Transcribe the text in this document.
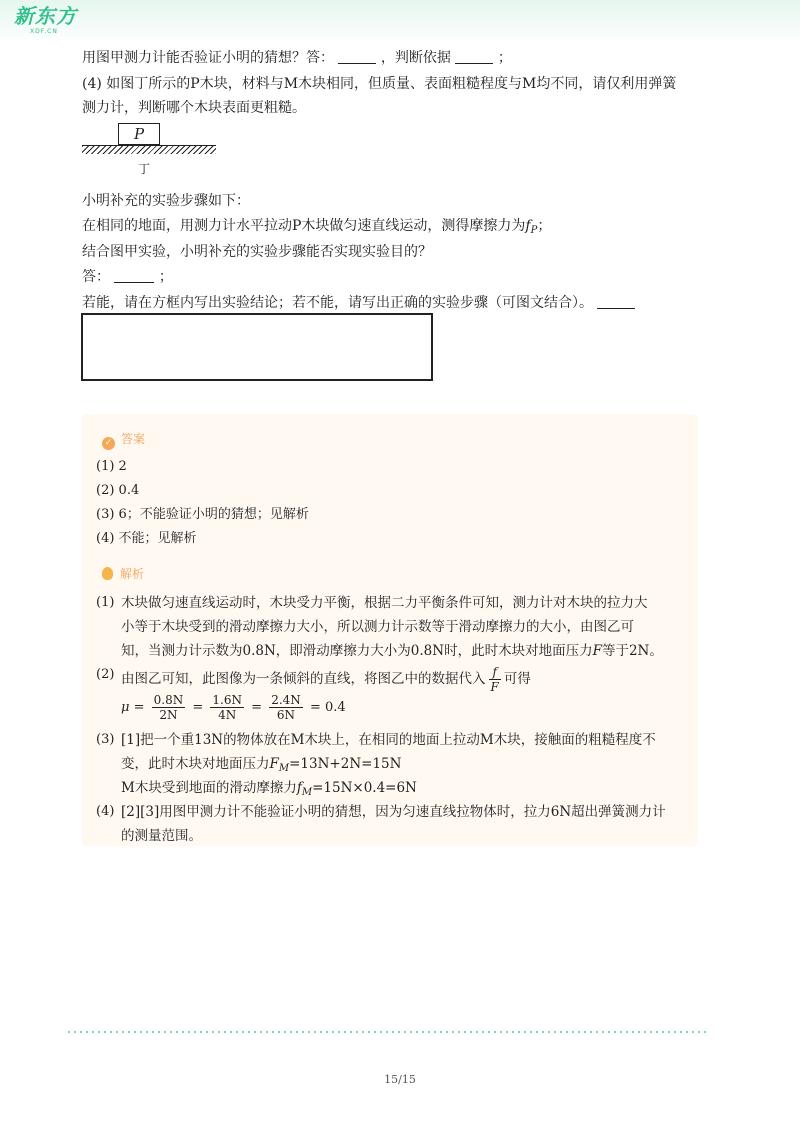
新东方
XDF.CN
用图甲测力计能否验证小明的猜想？答：	，判断依据	；
(4) 如图丁所示的P木块，材料与M木块相同，但质量、表面粗糙程度与M均不同，请仅利用弹簧
测力计，判断哪个木块表面更粗糙。
P
丁
小明补充的实验步骤如下：
在相同的地面，用测力计水平拉动P木块做匀速直线运动，测得摩擦力为$f_P$；
结合图甲实验，小明补充的实验步骤能否实现实验目的？
答：	；
若能，请在方框内写出实验结论；若不能，请写出正确的实验步骤（可图文结合）。
✓ 答案
(1) 2
(2) 0.4
(3) 6；不能验证小明的猜想；见解析
(4) 不能；见解析
解析
(1) 木块做匀速直线运动时，木块受力平衡，根据二力平衡条件可知，测力计对木块的拉力大
小等于木块受到的滑动摩擦力大小，所以测力计示数等于滑动摩擦力的大小，由图乙可
知，当测力计示数为0.8N，即滑动摩擦力大小为0.8N时，此时木块对地面压力F等于2N。
(2) 由图乙可知，此图像为一条倾斜的直线，将图乙中的数据代入 $\frac{f}{F}$ 可得
$\mu = \frac{0.8N}{2N} = \frac{1.6N}{4N} = \frac{2.4N}{6N} = 0.4$
(3) [1]把一个重13N的物体放在M木块上，在相同的地面上拉动M木块，接触面的粗糙程度不
变，此时木块对地面压力$F_M=13N+2N=15N$
M木块受到地面的滑动摩擦力$f_M=15N\times 0.4=6N$
(4) [2][3]用图甲测力计不能验证小明的猜想，因为匀速直线拉物体时，拉力6N超出弹簧测力计
的测量范围。
15/15
